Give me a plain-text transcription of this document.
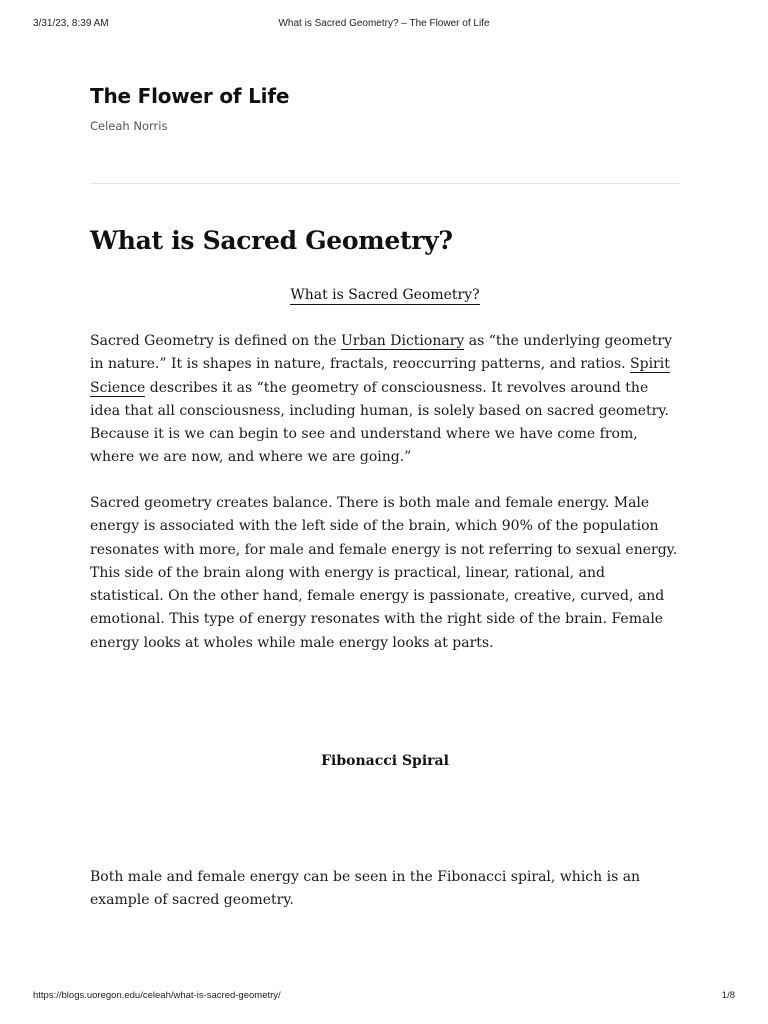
3/31/23, 8:39 AM	What is Sacred Geometry? – The Flower of Life
The Flower of Life
Celeah Norris
What is Sacred Geometry?
What is Sacred Geometry?

Sacred Geometry is defined on the Urban Dictionary as “the underlying geometry in nature.” It is shapes in nature, fractals, reoccurring patterns, and ratios. Spirit Science describes it as “the geometry of consciousness. It revolves around the idea that all consciousness, including human, is solely based on sacred geometry. Because it is we can begin to see and understand where we have come from, where we are now, and where we are going.”

Sacred geometry creates balance. There is both male and female energy. Male energy is associated with the left side of the brain, which 90% of the population resonates with more, for male and female energy is not referring to sexual energy. This side of the brain along with energy is practical, linear, rational, and statistical. On the other hand, female energy is passionate, creative, curved, and emotional. This type of energy resonates with the right side of the brain. Female energy looks at wholes while male energy looks at parts.

Fibonacci Spiral

Both male and female energy can be seen in the Fibonacci spiral, which is an example of sacred geometry.

https://blogs.uoregon.edu/celeah/what-is-sacred-geometry/	1/8
